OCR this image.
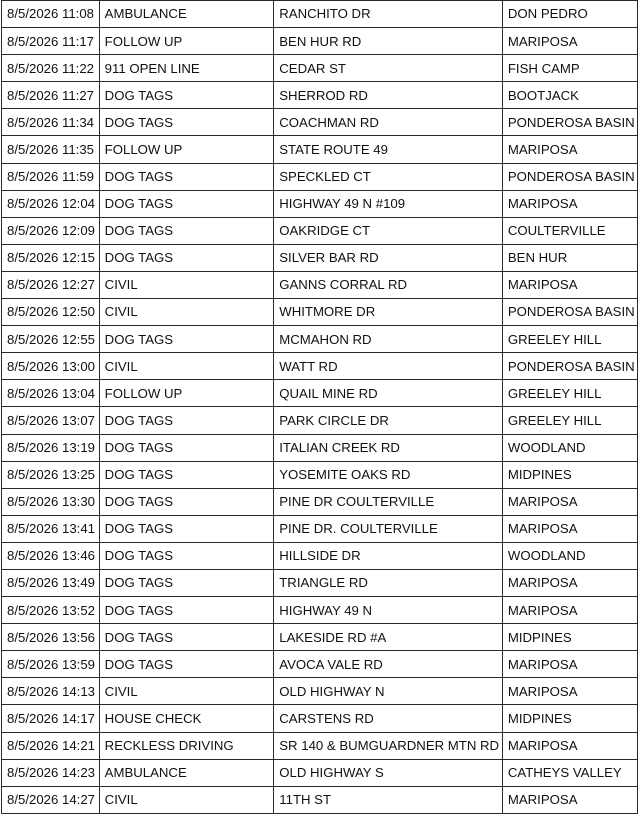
8/5/2026 11:08	AMBULANCE	RANCHITO DR	DON PEDRO
8/5/2026 11:17	FOLLOW UP	BEN HUR RD	MARIPOSA
8/5/2026 11:22	911 OPEN LINE	CEDAR ST	FISH CAMP
8/5/2026 11:27	DOG TAGS	SHERROD RD	BOOTJACK
8/5/2026 11:34	DOG TAGS	COACHMAN RD	PONDEROSA BASIN
8/5/2026 11:35	FOLLOW UP	STATE ROUTE 49	MARIPOSA
8/5/2026 11:59	DOG TAGS	SPECKLED CT	PONDEROSA BASIN
8/5/2026 12:04	DOG TAGS	HIGHWAY 49 N #109	MARIPOSA
8/5/2026 12:09	DOG TAGS	OAKRIDGE CT	COULTERVILLE
8/5/2026 12:15	DOG TAGS	SILVER BAR RD	BEN HUR
8/5/2026 12:27	CIVIL	GANNS CORRAL RD	MARIPOSA
8/5/2026 12:50	CIVIL	WHITMORE DR	PONDEROSA BASIN
8/5/2026 12:55	DOG TAGS	MCMAHON RD	GREELEY HILL
8/5/2026 13:00	CIVIL	WATT RD	PONDEROSA BASIN
8/5/2026 13:04	FOLLOW UP	QUAIL MINE RD	GREELEY HILL
8/5/2026 13:07	DOG TAGS	PARK CIRCLE DR	GREELEY HILL
8/5/2026 13:19	DOG TAGS	ITALIAN CREEK RD	WOODLAND
8/5/2026 13:25	DOG TAGS	YOSEMITE OAKS RD	MIDPINES
8/5/2026 13:30	DOG TAGS	PINE DR COULTERVILLE	MARIPOSA
8/5/2026 13:41	DOG TAGS	PINE DR. COULTERVILLE	MARIPOSA
8/5/2026 13:46	DOG TAGS	HILLSIDE DR	WOODLAND
8/5/2026 13:49	DOG TAGS	TRIANGLE RD	MARIPOSA
8/5/2026 13:52	DOG TAGS	HIGHWAY 49 N	MARIPOSA
8/5/2026 13:56	DOG TAGS	LAKESIDE RD #A	MIDPINES
8/5/2026 13:59	DOG TAGS	AVOCA VALE RD	MARIPOSA
8/5/2026 14:13	CIVIL	OLD HIGHWAY N	MARIPOSA
8/5/2026 14:17	HOUSE CHECK	CARSTENS RD	MIDPINES
8/5/2026 14:21	RECKLESS DRIVING	SR 140 & BUMGUARDNER MTN RD	MARIPOSA
8/5/2026 14:23	AMBULANCE	OLD HIGHWAY S	CATHEYS VALLEY
8/5/2026 14:27	CIVIL	11TH ST	MARIPOSA
